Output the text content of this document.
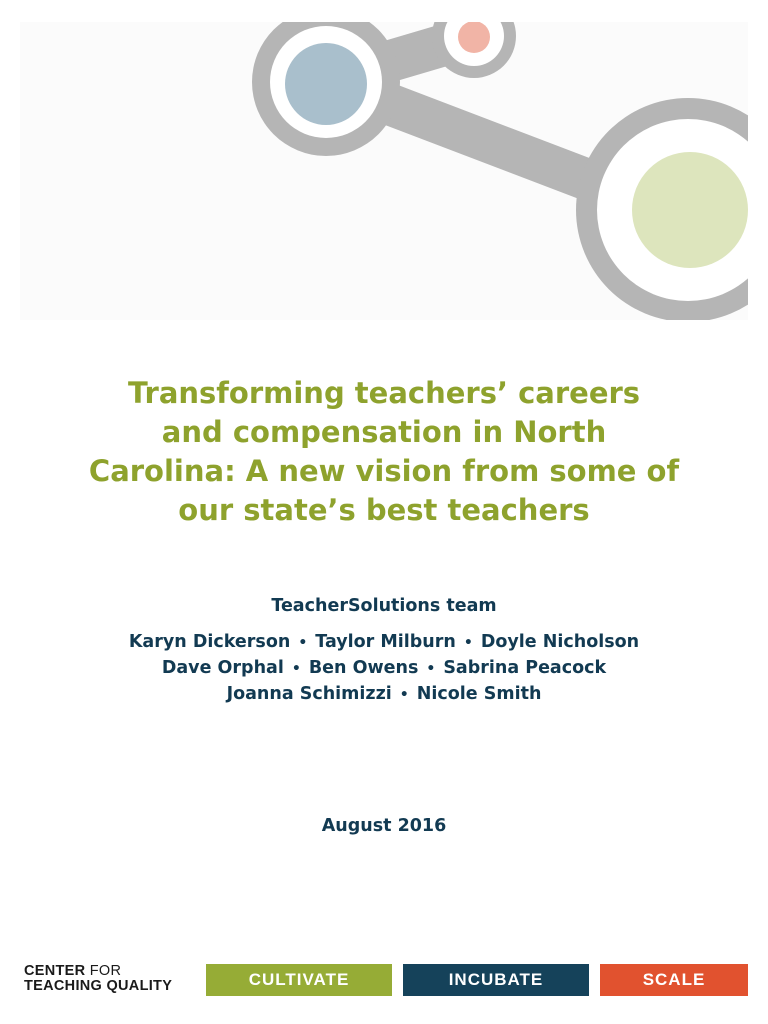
Transforming teachers’ careers
and compensation in North
Carolina: A new vision from some of
our state’s best teachers
TeacherSolutions team
Karyn Dickerson • Taylor Milburn • Doyle Nicholson
Dave Orphal • Ben Owens • Sabrina Peacock
Joanna Schimizzi • Nicole Smith
August 2016
CENTER FOR
TEACHING QUALITY	CULTIVATE	INCUBATE	SCALE
